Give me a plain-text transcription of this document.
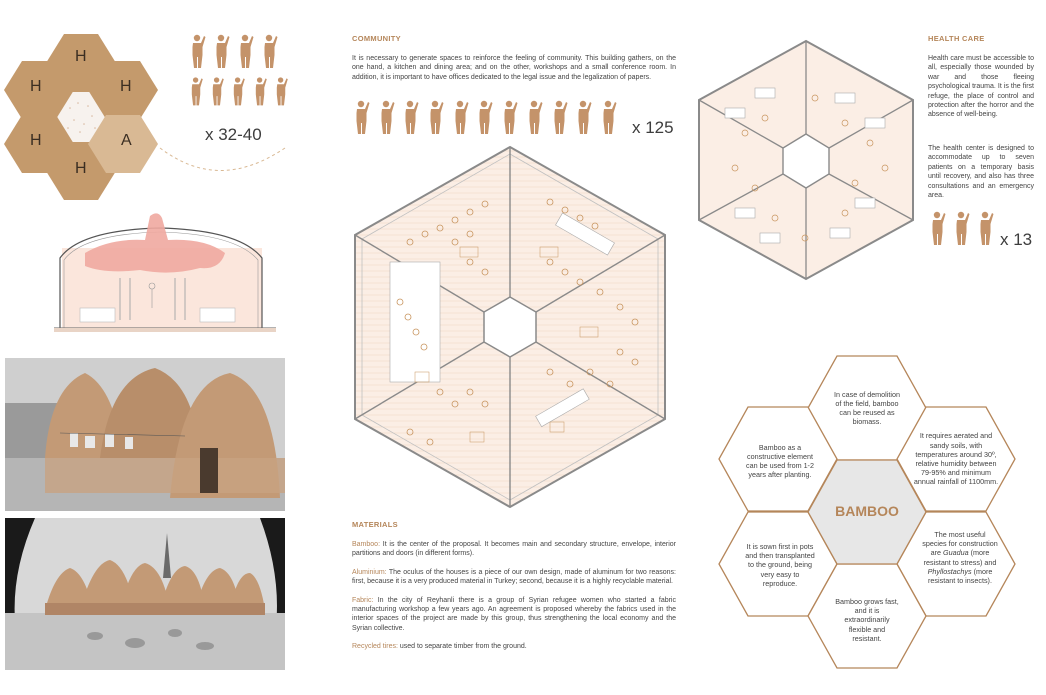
H
H	H
H	A
H
x 32-40
COMMUNITY
It is necessary to generate spaces to reinforce the feeling of community. This building gathers, on the one hand, a kitchen and dining area; and on the other, workshops and a small conference room. In addition, it is important to have offices dedicated to the legal issue and the legalization of papers.
x 125
MATERIALS
Bamboo: It is the center of the proposal. It becomes main and secondary structure, envelope, interior partitions and doors (in different forms).
Aluminium: The oculus of the houses is a piece of our own design, made of aluminum for two reasons: first, because it is a very produced material in Turkey; second, because it is a highly recyclable material.
Fabric: In the city of Reyhanli there is a group of Syrian refugee women who started a fabric manufacturing workshop a few years ago. An agreement is proposed whereby the fabrics used in the interior spaces of the project are made by this group, thus strengthening the local economy and the Syrian collective.
Recycled tires: used to separate timber from the ground.
HEALTH CARE
Health care must be accessible to all, especially those wounded by war and those fleeing psychological trauma. It is the first refuge, the place of control and protection after the horror and the absence of well-being.
The health center is designed to accommodate up to seven patients on a temporary basis until recovery, and also has three consultations and an emergency area.
x 13
BAMBOO
In case of demolition of the field, bamboo can be reused as biomass.
Bamboo as a constructive element can be used from 1-2 years after planting.
It requires aerated and sandy soils, with temperatures around 30º, relative humidity between 79-95% and minimum annual rainfall of 1100mm.
It is sown first in pots and then transplanted to the ground, being very easy to reproduce.
The most useful species for construction are Guadua (more resistant to stress) and Phyllostachys (more resistant to insects).
Bamboo grows fast, and it is extraordinarily flexible and resistant.
